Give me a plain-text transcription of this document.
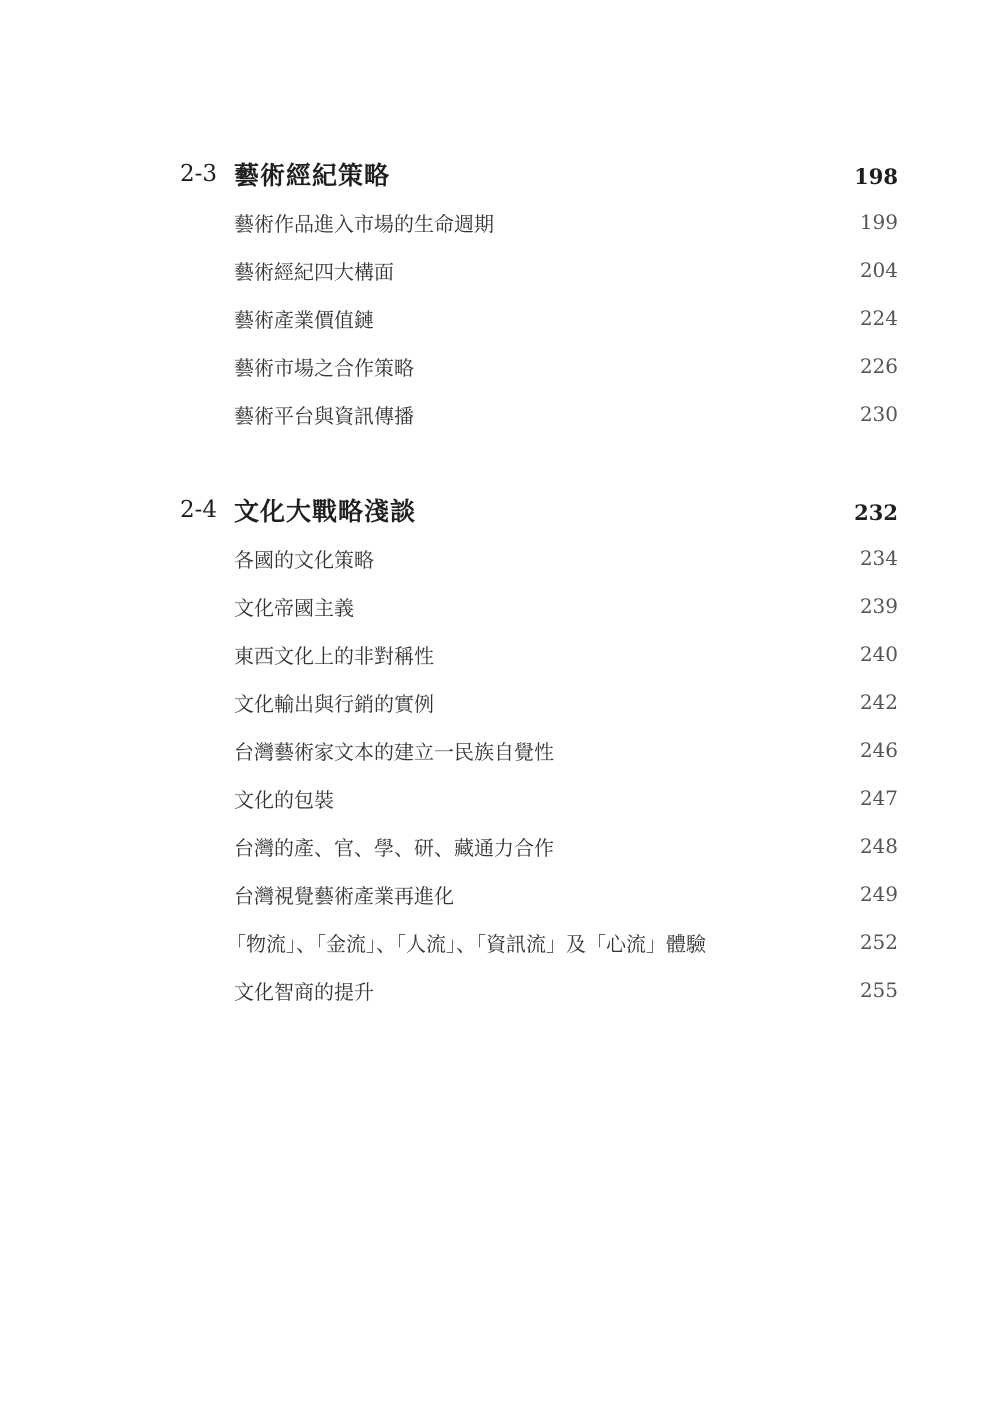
2-3 藝術經紀策略	198
藝術作品進入市場的生命週期	199
藝術經紀四大構面	204
藝術產業價值鏈	224
藝術市場之合作策略	226
藝術平台與資訊傳播	230
2-4 文化大戰略淺談	232
各國的文化策略	234
文化帝國主義	239
東西文化上的非對稱性	240
文化輸出與行銷的實例	242
台灣藝術家文本的建立一民族自覺性	246
文化的包裝	247
台灣的產、官、學、研、藏通力合作	248
台灣視覺藝術產業再進化	249
「物流」、「金流」、「人流」、「資訊流」及「心流」體驗	252
文化智商的提升	255
